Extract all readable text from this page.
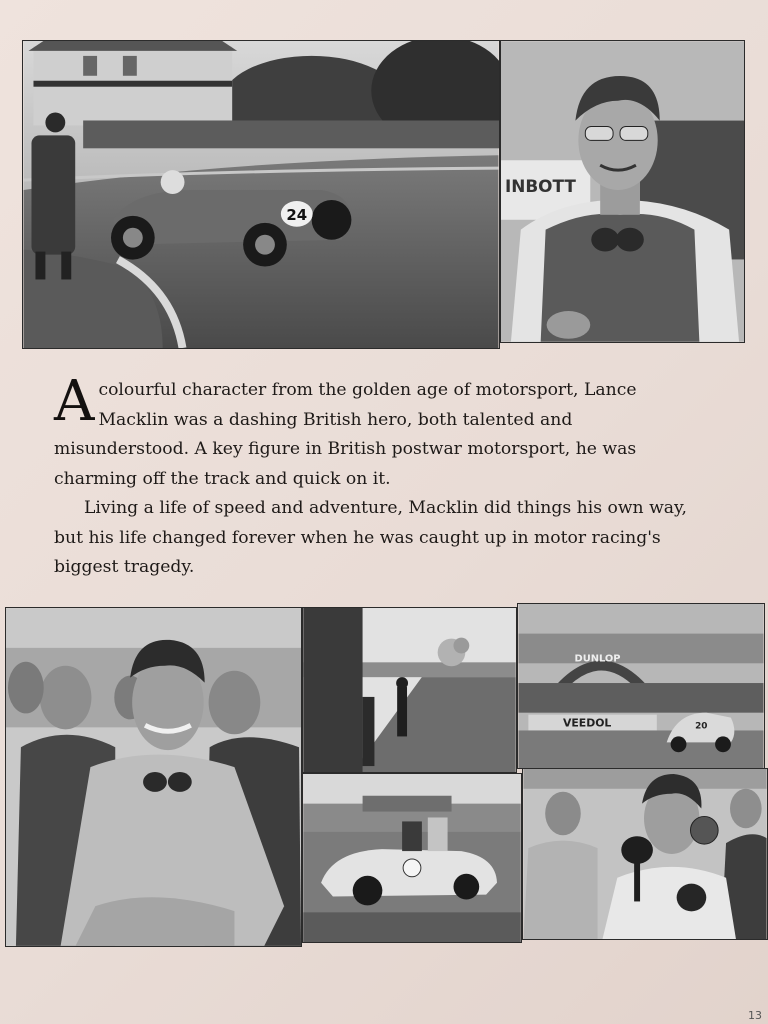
24
INBOTT

Acolourful character from the golden age of motorsport, Lance Macklin was a dashing British hero, both talented and misunderstood. A key figure in British postwar motorsport, he was charming off the track and quick on it.

Living a life of speed and adventure, Macklin did things his own way, but his life changed forever when he was caught up in motor racing's biggest tragedy.

DUNLOP
VEEDOL	20
13
